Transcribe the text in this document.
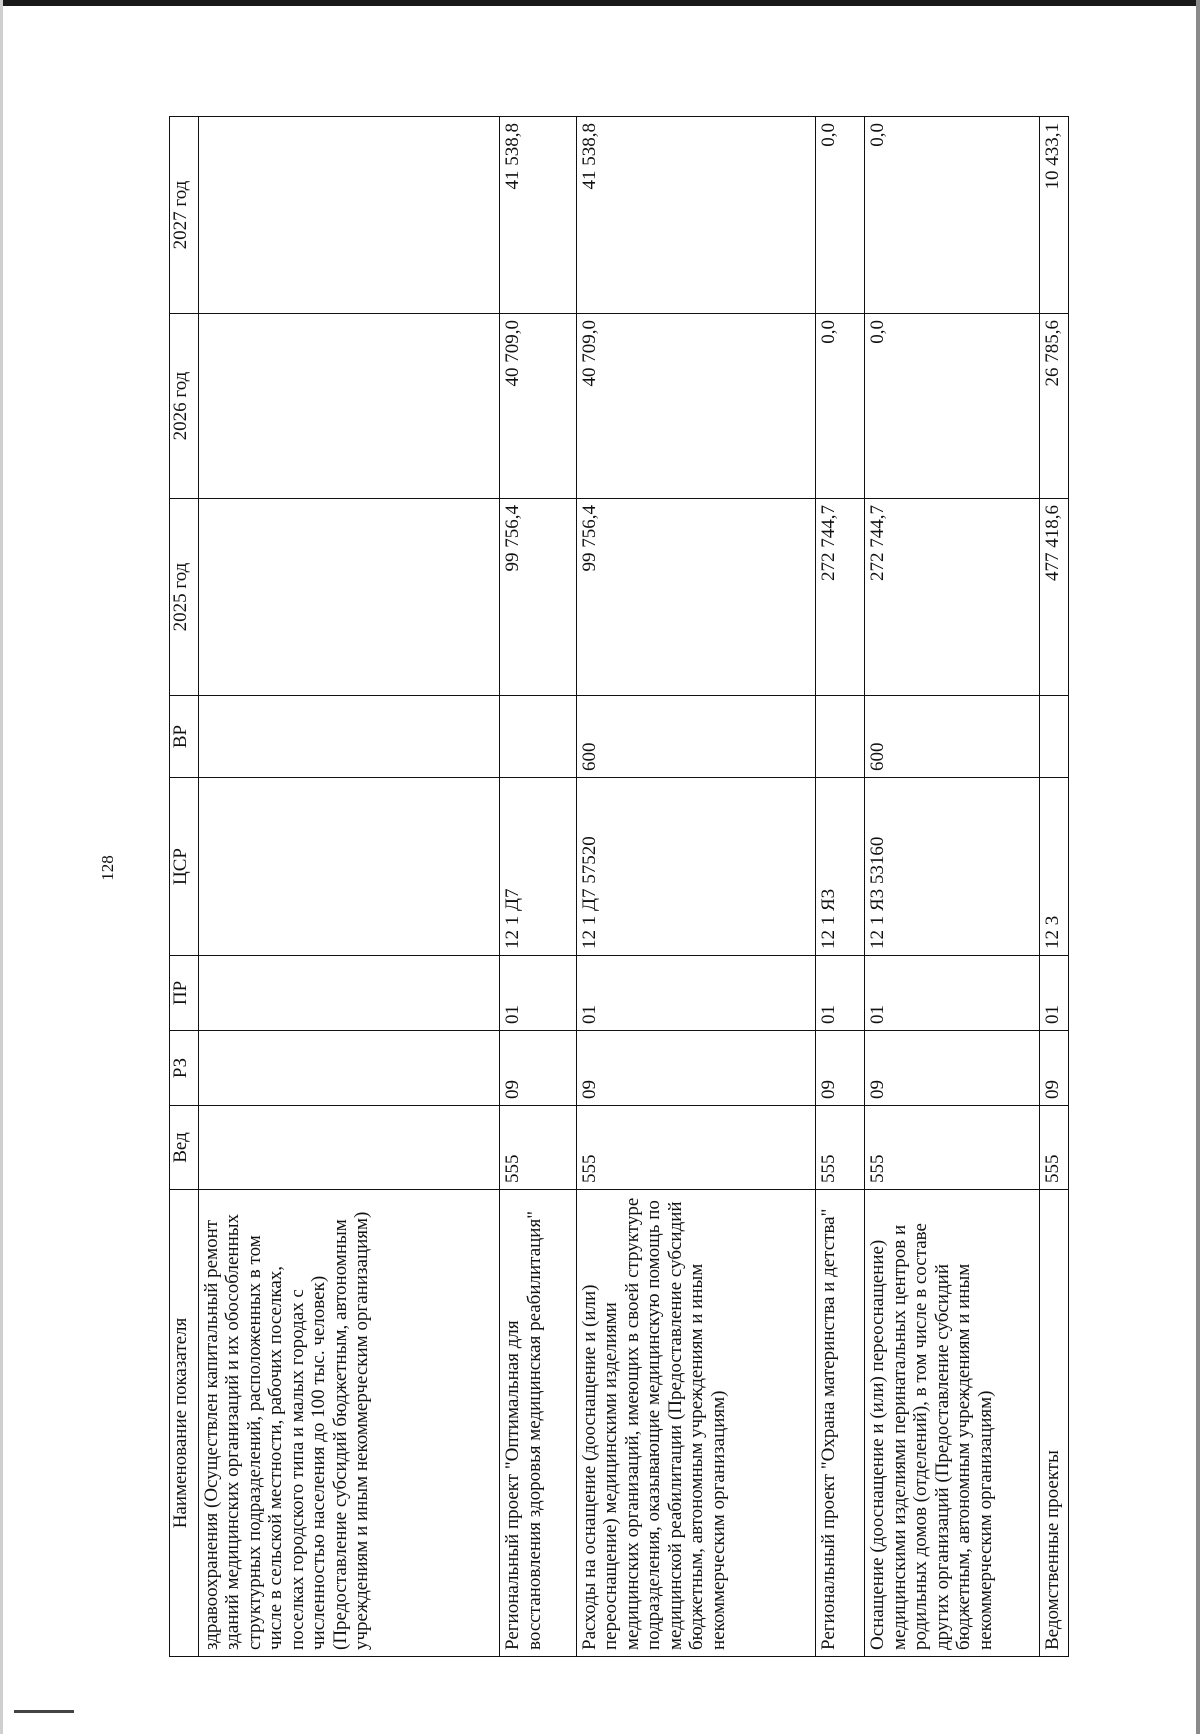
128
Наименование показателя	Вед	РЗ	ПР	ЦСР	ВР	2025 год	2026 год	2027 год
здравоохранения (Осуществлен капитальный ремонт зданий медицинских организаций и их обособленных структурных подразделений, расположенных в том числе в сельской местности, рабочих поселках, поселках городского типа и малых городах с численностью населения до 100 тыс. человек) (Предоставление субсидий бюджетным, автономным учреждениям и иным некоммерческим организациям)								
Региональный проект "Оптимальная для восстановления здоровья медицинская реабилитация"	555	09	01	12 1 Д7		99 756,4	40 709,0	41 538,8
Расходы на оснащение (дооснащение и (или) переоснащение) медицинскими изделиями медицинских организаций, имеющих в своей структуре подразделения, оказывающие медицинскую помощь по медицинской реабилитации (Предоставление субсидий бюджетным, автономным учреждениям и иным некоммерческим организациям)	555	09	01	12 1 Д7 57520	600	99 756,4	40 709,0	41 538,8
Региональный проект "Охрана материнства и детства"	555	09	01	12 1 Я3		272 744,7	0,0	0,0
Оснащение (дооснащение и (или) переоснащение) медицинскими изделиями перинатальных центров и родильных домов (отделений), в том числе в составе других организаций (Предоставление субсидий бюджетным, автономным учреждениям и иным некоммерческим организациям)	555	09	01	12 1 Я3 53160	600	272 744,7	0,0	0,0
Ведомственные проекты	555	09	01	12 3		477 418,6	26 785,6	10 433,1
